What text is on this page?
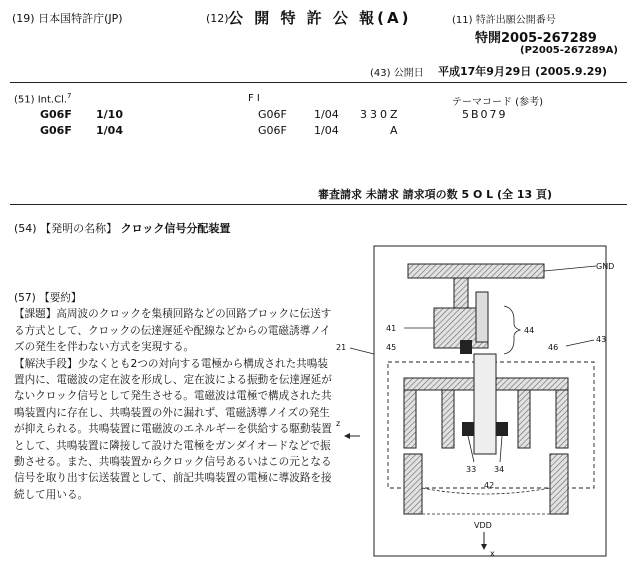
(19) 日本国特許庁(JP)	(12) 公 開 特 許 公 報(A)	(11) 特許出願公開番号
特開2005-267289
(P2005-267289A)
(43) 公開日 平成17年9月29日 (2005.9.29)
(51) Int.Cl.$^7$	F I	テーマコード (参考)
G06F 1/10	G06F 1/04 330Z	5B079
G06F 1/04	G06F 1/04	A
審査請求 未請求 請求項の数 5 O L (全 13 頁)
(54) 【発明の名称】 クロック信号分配装置

(57) 【要約】

【課題】高周波のクロックを集積回路などの回路ブロックに伝送する方式として、クロックの伝達遅延や配線などからの電磁誘導ノイズの発生を伴わない方式を実現する。

【解決手段】少なくとも2つの対向する電極から構成された共鳴装置内に、電磁波の定在波を形成し、定在波による振動を伝達遅延がないクロック信号として発生させる。電磁波は電極で構成された共鳴装置内に存在し、共鳴装置の外に漏れず、電磁誘導ノイズの発生が抑えられる。共鳴装置に電磁波のエネルギーを供給する駆動装置として、共鳴装置に隣接して設けた電極をガンダイオードなどで振動させる。また、共鳴装置からクロック信号あるいはこの元となる信号を取り出す伝送装置として、前記共鳴装置の電極に導波路を接続して用いる。

GND
41	44
21
43
45	46
z
33 34
42
VDD
x
